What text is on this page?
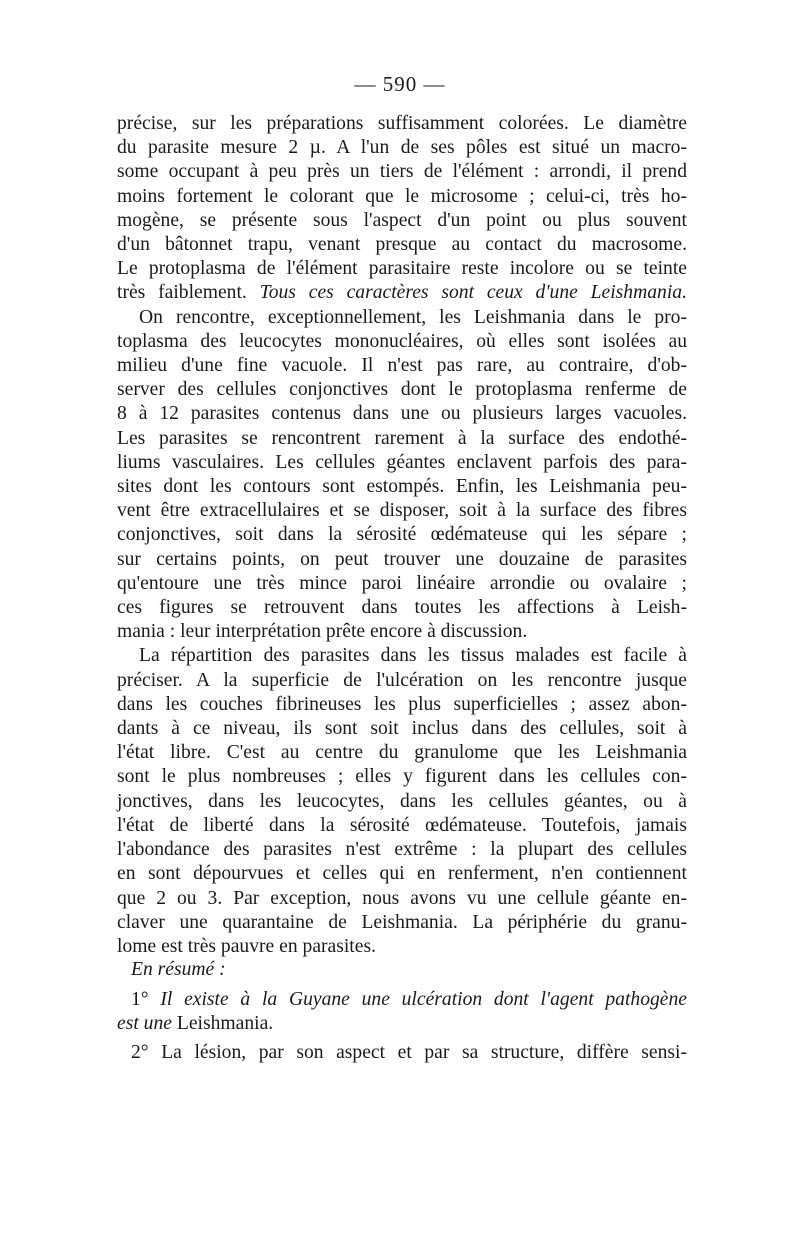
— 590 —
précise, sur les préparations suffisamment colorées. Le diamètre
du parasite mesure 2 µ. A l'un de ses pôles est situé un macro-
some occupant à peu près un tiers de l'élément : arrondi, il prend
moins fortement le colorant que le microsome ; celui-ci, très ho-
mogène, se présente sous l'aspect d'un point ou plus souvent
d'un bâtonnet trapu, venant presque au contact du macrosome.
Le protoplasma de l'élément parasitaire reste incolore ou se teinte
très faiblement. Tous ces caractères sont ceux d'une Leishmania.
On rencontre, exceptionnellement, les Leishmania dans le pro-
toplasma des leucocytes mononucléaires, où elles sont isolées au
milieu d'une fine vacuole. Il n'est pas rare, au contraire, d'ob-
server des cellules conjonctives dont le protoplasma renferme de
8 à 12 parasites contenus dans une ou plusieurs larges vacuoles.
Les parasites se rencontrent rarement à la surface des endothé-
liums vasculaires. Les cellules géantes enclavent parfois des para-
sites dont les contours sont estompés. Enfin, les Leishmania peu-
vent être extracellulaires et se disposer, soit à la surface des fibres
conjonctives, soit dans la sérosité œdémateuse qui les sépare ;
sur certains points, on peut trouver une douzaine de parasites
qu'entoure une très mince paroi linéaire arrondie ou ovalaire ;
ces figures se retrouvent dans toutes les affections à Leish-
mania : leur interprétation prête encore à discussion.
La répartition des parasites dans les tissus malades est facile à
préciser. A la superficie de l'ulcération on les rencontre jusque
dans les couches fibrineuses les plus superficielles ; assez abon-
dants à ce niveau, ils sont soit inclus dans des cellules, soit à
l'état libre. C'est au centre du granulome que les Leishmania
sont le plus nombreuses ; elles y figurent dans les cellules con-
jonctives, dans les leucocytes, dans les cellules géantes, ou à
l'état de liberté dans la sérosité œdémateuse. Toutefois, jamais
l'abondance des parasites n'est extrême : la plupart des cellules
en sont dépourvues et celles qui en renferment, n'en contiennent
que 2 ou 3. Par exception, nous avons vu une cellule géante en-
claver une quarantaine de Leishmania. La périphérie du granu-
lome est très pauvre en parasites.
En résumé :
1° Il existe à la Guyane une ulcération dont l'agent pathogène
est une Leishmania.
2° La lésion, par son aspect et par sa structure, diffère sensi-
